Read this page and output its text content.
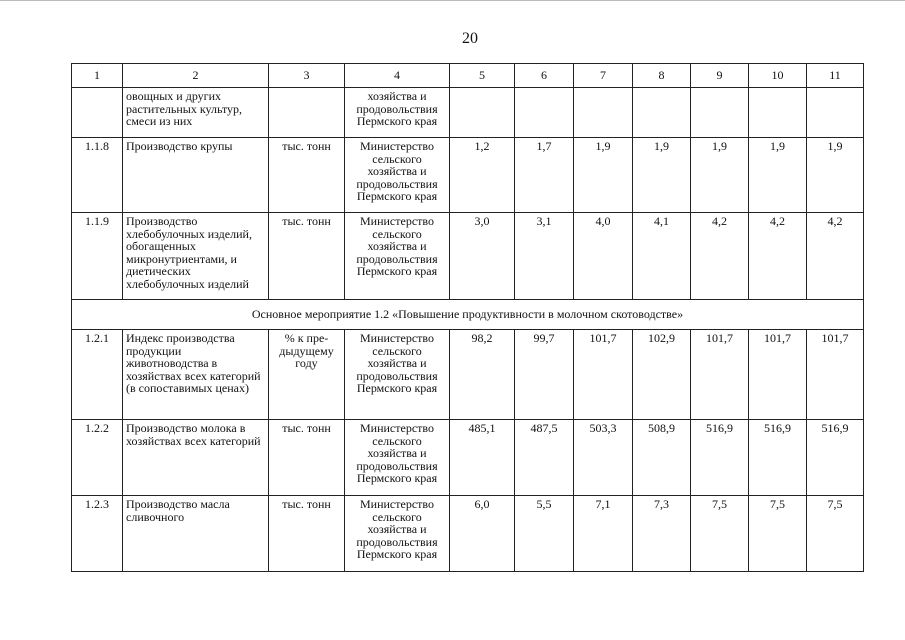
20
1	2	3	4	5	6	7	8	9	10	11
	овощных и других растительных культур, смеси из них		хозяйства и продовольствия Пермского края							
1.1.8	Производство крупы	тыс. тонн	Министерство сельского хозяйства и продовольствия Пермского края	1,2	1,7	1,9	1,9	1,9	1,9	1,9
1.1.9	Производство хлебобулочных изделий, обогащенных микронутриентами, и диетических хлебобулочных изделий	тыс. тонн	Министерство сельского хозяйства и продовольствия Пермского края	3,0	3,1	4,0	4,1	4,2	4,2	4,2
Основное мероприятие 1.2 «Повышение продуктивности в молочном скотоводстве»										
1.2.1	Индекс производства продукции животноводства в хозяйствах всех категорий (в сопоставимых ценах)	% к пре-дыдущему году	Министерство сельского хозяйства и продовольствия Пермского края	98,2	99,7	101,7	102,9	101,7	101,7	101,7
1.2.2	Производство молока в хозяйствах всех категорий	тыс. тонн	Министерство сельского хозяйства и продовольствия Пермского края	485,1	487,5	503,3	508,9	516,9	516,9	516,9
1.2.3	Производство масла сливочного	тыс. тонн	Министерство сельского хозяйства и продовольствия Пермского края	6,0	5,5	7,1	7,3	7,5	7,5	7,5
